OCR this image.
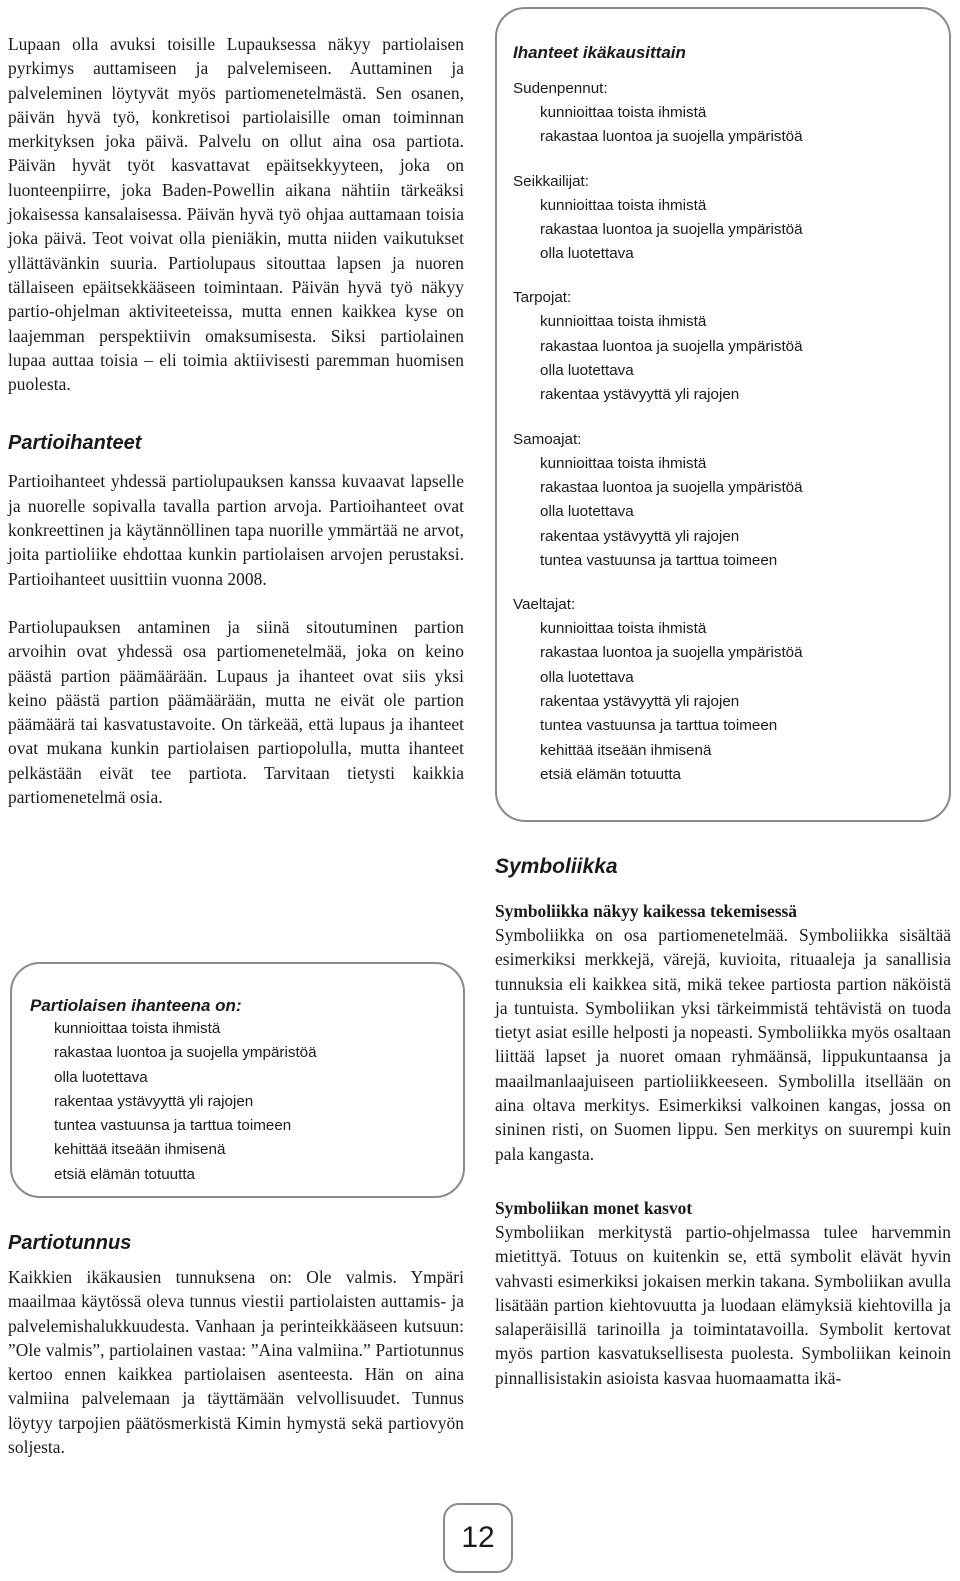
Lupaan olla avuksi toisille Lupauksessa näkyy partiolaisen pyrkimys auttamiseen ja palvelemiseen. Auttaminen ja palveleminen löytyvät myös partiomenetelmästä. Sen osanen, päivän hyvä työ, konkretisoi partiolaisille oman toiminnan merkityksen joka päivä. Palvelu on ollut aina osa partiota. Päivän hyvät työt kasvattavat epäitsekkyyteen, joka on luonteenpiirre, joka Baden-Powellin aikana nähtiin tärkeäksi jokaisessa kansalaisessa. Päivän hyvä työ ohjaa auttamaan toisia joka päivä. Teot voivat olla pieniäkin, mutta niiden vaikutukset yllättävänkin suuria. Partiolupaus sitouttaa lapsen ja nuoren tällaiseen epäitsekkääseen toimintaan. Päivän hyvä työ näkyy partio-ohjelman aktiviteeteissa, mutta ennen kaikkea kyse on laajemman perspektiivin omaksumisesta. Siksi partiolainen lupaa auttaa toisia – eli toimia aktiivisesti paremman huomisen puolesta.

Partioihanteet

Partioihanteet yhdessä partiolupauksen kanssa kuvaavat lapselle ja nuorelle sopivalla tavalla partion arvoja. Partioihanteet ovat konkreettinen ja käytännöllinen tapa nuorille ymmärtää ne arvot, joita partioliike ehdottaa kunkin partiolaisen arvojen perustaksi. Partioihanteet uusittiin vuonna 2008.

Partiolupauksen antaminen ja siinä sitoutuminen partion arvoihin ovat yhdessä osa partiomenetelmää, joka on keino päästä partion päämäärään. Lupaus ja ihanteet ovat siis yksi keino päästä partion päämäärään, mutta ne eivät ole partion päämäärä tai kasvatustavoite. On tärkeää, että lupaus ja ihanteet ovat mukana kunkin partiolaisen partiopolulla, mutta ihanteet pelkästään eivät tee partiota. Tarvitaan tietysti kaikkia partiomenetelmä osia.

Partiolaisen ihanteena on:

kunnioittaa toista ihmistä
rakastaa luontoa ja suojella ympäristöä
olla luotettava
rakentaa ystävyyttä yli rajojen
tuntea vastuunsa ja tarttua toimeen
kehittää itseään ihmisenä
etsiä elämän totuutta
Partiotunnus

Kaikkien ikäkausien tunnuksena on: Ole valmis. Ympäri maailmaa käytössä oleva tunnus viestii partiolaisten auttamis- ja palvelemishalukkuudesta. Vanhaan ja perinteikkääseen kutsuun: ”Ole valmis”, partiolainen vastaa: ”Aina valmiina.” Partiotunnus kertoo ennen kaikkea partiolaisen asenteesta. Hän on aina valmiina palvelemaan ja täyttämään velvollisuudet. Tunnus löytyy tarpojien päätösmerkistä Kimin hymystä sekä partiovyön soljesta.

Ihanteet ikäkausittain

Sudenpennut:

kunnioittaa toista ihmistä
rakastaa luontoa ja suojella ympäristöä

Seikkailijat:

kunnioittaa toista ihmistä
rakastaa luontoa ja suojella ympäristöä
olla luotettava

Tarpojat:

kunnioittaa toista ihmistä
rakastaa luontoa ja suojella ympäristöä
olla luotettava
rakentaa ystävyyttä yli rajojen

Samoajat:

kunnioittaa toista ihmistä
rakastaa luontoa ja suojella ympäristöä
olla luotettava
rakentaa ystävyyttä yli rajojen
tuntea vastuunsa ja tarttua toimeen

Vaeltajat:

kunnioittaa toista ihmistä
rakastaa luontoa ja suojella ympäristöä
olla luotettava
rakentaa ystävyyttä yli rajojen
tuntea vastuunsa ja tarttua toimeen
kehittää itseään ihmisenä
etsiä elämän totuutta
Symboliikka

Symboliikka näkyy kaikessa tekemisessä

Symboliikka on osa partiomenetelmää. Symboliikka sisältää esimerkiksi merkkejä, värejä, kuvioita, rituaaleja ja sanallisia tunnuksia eli kaikkea sitä, mikä tekee partiosta partion näköistä ja tuntuista. Symboliikan yksi tärkeimmistä tehtävistä on tuoda tietyt asiat esille helposti ja nopeasti. Symboliikka myös osaltaan liittää lapset ja nuoret omaan ryhmäänsä, lippukuntaansa ja maailmanlaajuiseen partioliikkeeseen. Symbolilla itsellään on aina oltava merkitys. Esimerkiksi valkoinen kangas, jossa on sininen risti, on Suomen lippu. Sen merkitys on suurempi kuin pala kangasta.

Symboliikan monet kasvot

Symboliikan merkitystä partio-ohjelmassa tulee harvemmin mietittyä. Totuus on kuitenkin se, että symbolit elävät hyvin vahvasti esimerkiksi jokaisen merkin takana. Symboliikan avulla lisätään partion kiehtovuutta ja luodaan elämyksiä kiehtovilla ja salaperäisillä tarinoilla ja toimintatavoilla. Symbolit kertovat myös partion kasvatuksellisesta puolesta. Symboliikan keinoin pinnallisistakin asioista kasvaa huomaamatta ikä-

12
